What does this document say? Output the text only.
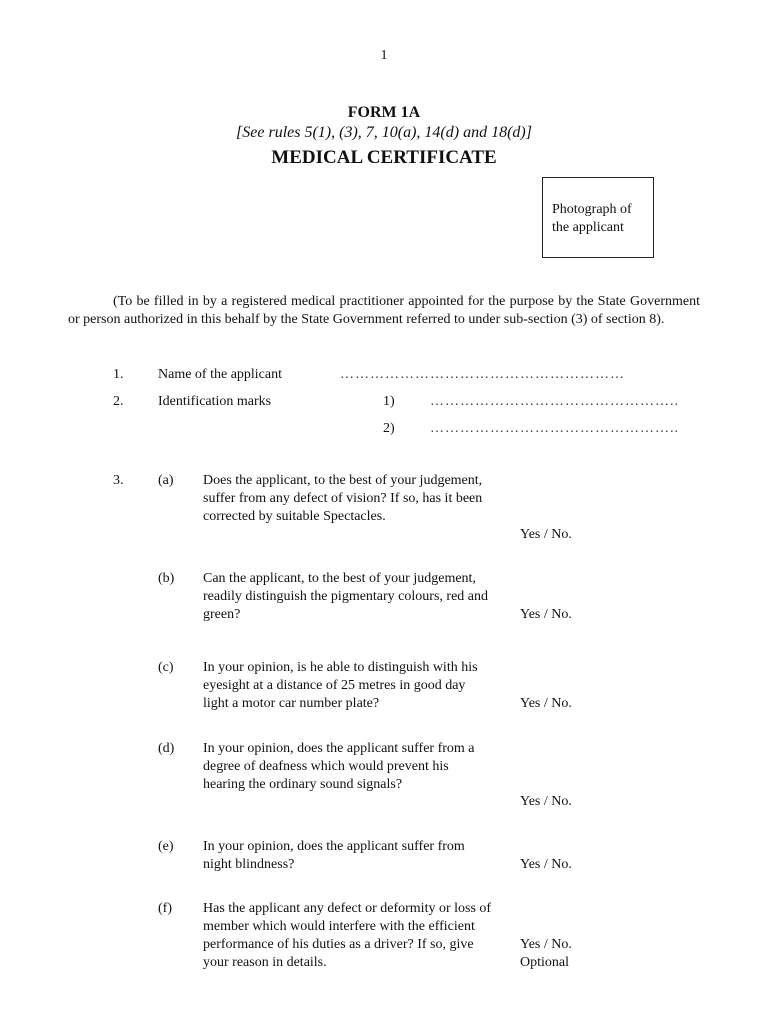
1
FORM 1A
[See rules 5(1), (3), 7, 10(a), 14(d) and 18(d)]
MEDICAL CERTIFICATE
Photograph of the applicant
(To be filled in by a registered medical practitioner appointed for the purpose by the State Government or person authorized in this behalf by the State Government referred to under sub-section (3) of section 8).
1. Name of the applicant	…………………………………………………
2. Identification marks	1)	…………………………………………..
2)	…………………………………………..
3. (a) Does the applicant, to the best of your judgement, suffer from any defect of vision? If so, has it been corrected by suitable Spectacles.
Yes / No.
(b) Can the applicant, to the best of your judgement, readily distinguish the pigmentary colours, red and green?	Yes / No.
(c) In your opinion, is he able to distinguish with his eyesight at a distance of 25 metres in good day light a motor car number plate?	Yes / No.
(d) In your opinion, does the applicant suffer from a degree of deafness which would prevent his hearing the ordinary sound signals?
Yes / No.
(e) In your opinion, does the applicant suffer from night blindness?	Yes / No.
(f) Has the applicant any defect or deformity or loss of member which would interfere with the efficient performance of his duties as a driver? If so, give your reason in details.
Yes / No.
Optional
